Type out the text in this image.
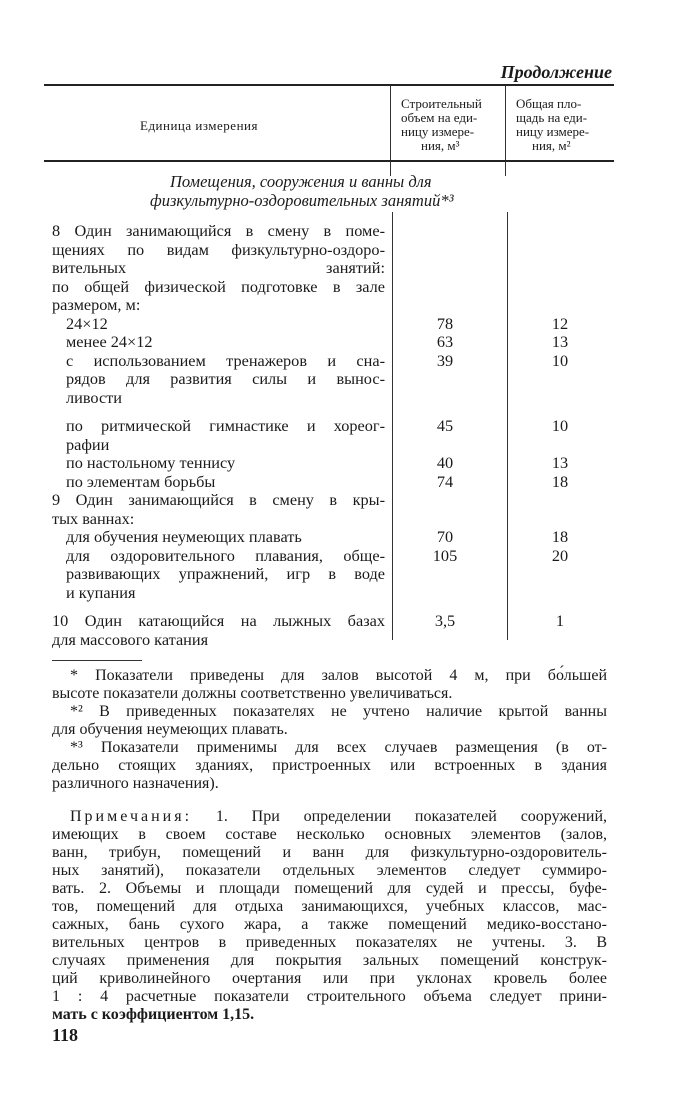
Продолжение
Единица измерения
Строительный
объем на еди-
ницу измере-
ния, м³
Общая пло-
щадь на еди-
ницу измере-
ния, м²
Помещения, сооружения и ванны для
физкультурно-оздоровительных занятий*³
8 Один занимающийся в смену в поме-
щениях по видам физкультурно-оздоро-
вительных занятий:
по общей физической подготовке в зале
размером, м:
24×12	78	12
менее 24×12	63	13
с использованием тренажеров и сна-
рядов для развития силы и вынос-
ливости
39	10
по ритмической гимнастике и хореог-
рафии
45	10
по настольному теннису	40	13
по элементам борьбы	74	18
9 Один занимающийся в смену в кры-
тых ваннах:
для обучения неумеющих плавать	70	18
для оздоровительного плавания, обще-
развивающих упражнений, игр в воде
и купания
105	20
10 Один катающийся на лыжных базах
для массового катания
3,5	1
* Показатели приведены для залов высотой 4 м, при бо́льшей
высоте показатели должны соответственно увеличиваться.
*² В приведенных показателях не учтено наличие крытой ванны
для обучения неумеющих плавать.
*³ Показатели применимы для всех случаев размещения (в от-
дельно стоящих зданиях, пристроенных или встроенных в здания
различного назначения).
Примечания: 1. При определении показателей сооружений,
имеющих в своем составе несколько основных элементов (залов,
ванн, трибун, помещений и ванн для физкультурно-оздоровитель-
ных занятий), показатели отдельных элементов следует суммиро-
вать. 2. Объемы и площади помещений для судей и прессы, буфе-
тов, помещений для отдыха занимающихся, учебных классов, мас-
сажных, бань сухого жара, а также помещений медико-восстано-
вительных центров в приведенных показателях не учтены. 3. В
случаях применения для покрытия зальных помещений конструк-
ций криволинейного очертания или при уклонах кровель более
1 : 4 расчетные показатели строительного объема следует прини-
мать с коэффициентом 1,15.
118
